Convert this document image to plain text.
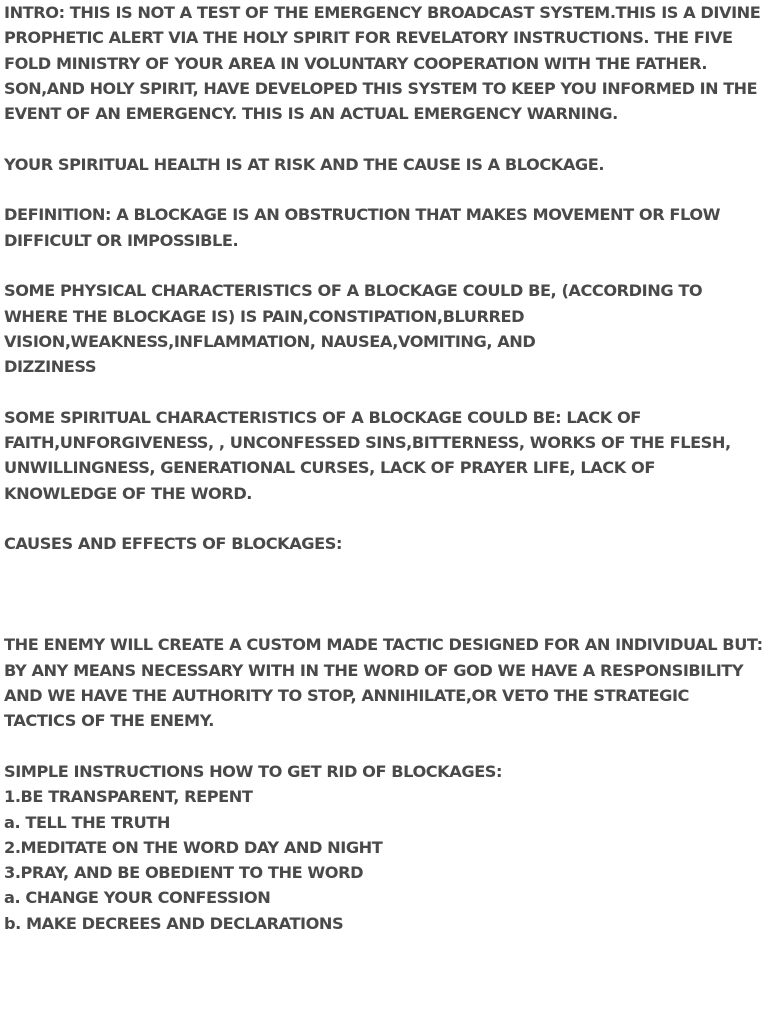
INTRO: THIS IS NOT A TEST OF THE EMERGENCY BROADCAST SYSTEM.THIS IS A DIVINE
PROPHETIC ALERT VIA THE HOLY SPIRIT FOR REVELATORY INSTRUCTIONS. THE FIVE
FOLD MINISTRY OF YOUR AREA IN VOLUNTARY COOPERATION WITH THE FATHER.
SON,AND HOLY SPIRIT, HAVE DEVELOPED THIS SYSTEM TO KEEP YOU INFORMED IN THE
EVENT OF AN EMERGENCY. THIS IS AN ACTUAL EMERGENCY WARNING.

YOUR SPIRITUAL HEALTH IS AT RISK AND THE CAUSE IS A BLOCKAGE.

DEFINITION: A BLOCKAGE IS AN OBSTRUCTION THAT MAKES MOVEMENT OR FLOW
DIFFICULT OR IMPOSSIBLE.

SOME PHYSICAL CHARACTERISTICS OF A BLOCKAGE COULD BE, (ACCORDING TO
WHERE THE BLOCKAGE IS) IS PAIN,CONSTIPATION,BLURRED
VISION,WEAKNESS,INFLAMMATION, NAUSEA,VOMITING, AND
DIZZINESS

SOME SPIRITUAL CHARACTERISTICS OF A BLOCKAGE COULD BE: LACK OF
FAITH,UNFORGIVENESS, , UNCONFESSED SINS,BITTERNESS, WORKS OF THE FLESH,
UNWILLINGNESS, GENERATIONAL CURSES, LACK OF PRAYER LIFE, LACK OF
KNOWLEDGE OF THE WORD.

CAUSES AND EFFECTS OF BLOCKAGES:

THE ENEMY WILL CREATE A CUSTOM MADE TACTIC DESIGNED FOR AN INDIVIDUAL BUT:
BY ANY MEANS NECESSARY WITH IN THE WORD OF GOD WE HAVE A RESPONSIBILITY
AND WE HAVE THE AUTHORITY TO STOP, ANNIHILATE,OR VETO THE STRATEGIC
TACTICS OF THE ENEMY.

SIMPLE INSTRUCTIONS HOW TO GET RID OF BLOCKAGES:
1.BE TRANSPARENT, REPENT
a. TELL THE TRUTH
2.MEDITATE ON THE WORD DAY AND NIGHT
3.PRAY, AND BE OBEDIENT TO THE WORD
a. CHANGE YOUR CONFESSION
b. MAKE DECREES AND DECLARATIONS
